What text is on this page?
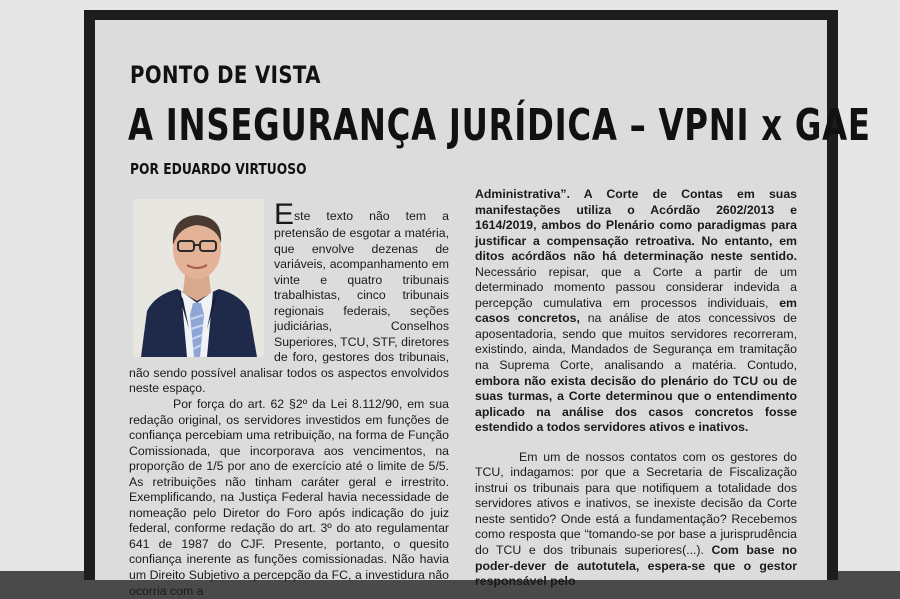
PONTO DE VISTA
A INSEGURANÇA JURÍDICA – VPNI x GAE
POR EDUARDO VIRTUOSO

Este texto não tem a pretensão de esgotar a matéria, que envolve dezenas de variáveis, acompanhamento em vinte e quatro tribunais trabalhistas, cinco tribunais regionais federais, seções judiciárias, Conselhos Superiores, TCU, STF, diretores de foro, gestores dos tribunais, não sendo possível analisar todos os aspectos envolvidos neste espaço.

Por força do art. 62 §2º da Lei 8.112/90, em sua redação original, os servidores investidos em funções de confiança percebiam uma retribuição, na forma de Função Comissionada, que incorporava aos vencimentos, na proporção de 1/5 por ano de exercício até o limite de 5/5. As retribuições não tinham caráter geral e irrestrito. Exemplificando, na Justiça Federal havia necessidade de nomeação pelo Diretor do Foro após indicação do juiz federal, conforme redação do art. 3º do ato regulamentar 641 de 1987 do CJF. Presente, portanto, o quesito confiança inerente as funções comissionadas. Não havia um Direito Subjetivo a percepção da FC, a investidura não ocorria com a

Administrativa”. A Corte de Contas em suas manifestações utiliza o Acórdão 2602/2013 e 1614/2019, ambos do Plenário como paradigmas para justificar a compensação retroativa. No entanto, em ditos acórdãos não há determinação neste sentido. Necessário repisar, que a Corte a partir de um determinado momento passou considerar indevida a percepção cumulativa em processos individuais, em casos concretos, na análise de atos concessivos de aposentadoria, sendo que muitos servidores recorreram, existindo, ainda, Mandados de Segurança em tramitação na Suprema Corte, analisando a matéria. Contudo, embora não exista decisão do plenário do TCU ou de suas turmas, a Corte determinou que o entendimento aplicado na análise dos casos concretos fosse estendido a todos servidores ativos e inativos.

Em um de nossos contatos com os gestores do TCU, indagamos: por que a Secretaria de Fiscalização instrui os tribunais para que notifiquem a totalidade dos servidores ativos e inativos, se inexiste decisão da Corte neste sentido? Onde está a fundamentação? Recebemos como resposta que “tomando-se por base a jurisprudência do TCU e dos tribunais superiores(...). Com base no poder-dever de autotutela, espera-se que o gestor responsável pelo
